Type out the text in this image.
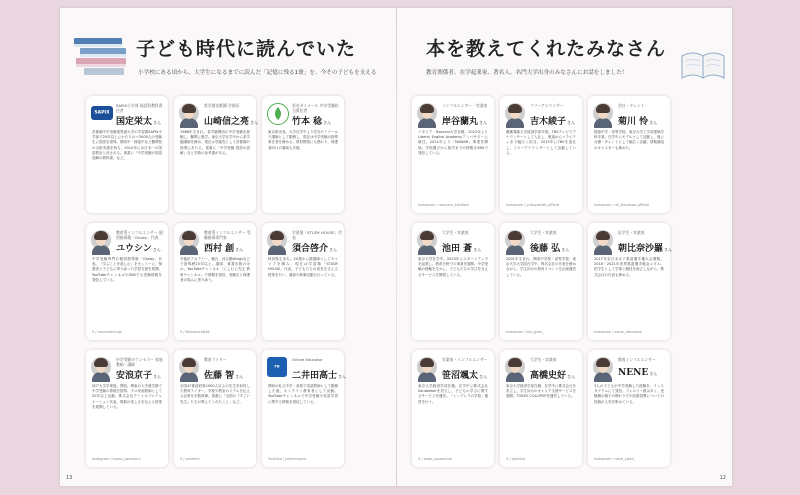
子ども時代に読んでいた
小学校にある頃から、大学生になるまでに読んだ「記憶に残る1冊」を、今その子どもを支える
SAPIX
SAPIX小学部 国語科教科責任者
国定栄太さん
首都圏中学受験業界最大手の学習塾SAPIX小学部で25年以上にわたりのべ3000人の受験生に国語を指導。開成中・桜蔭中など難関校の合格実績を持ち、2010年には日本一の国語教室と評される。著書に「中学受験の国語読解の教科書」など。
希学園首都圏 学園長
山崎信之亮さん
1988年生まれ。希学園関西の中学受験を経験し、難関に進学。東京大学在学中から希学園講師を務め、現在は学園長として首都圏の指導にあたる。著書に「中学受験 国語の読解」など多数の参考書がある。
栄光ゼミナール 中学受験担当責任者
竹本 稔さん
東京都出身。大学在学中より栄光ゼミナールで講師として勤務し、現在は中学受験の指導責任者を務める。教材開発にも携わり、保護者向けの講演も多数。
教育系インフルエンサー 個別指導塾「Growy」代表
ユウシンさん
中学受験専門の個別指導塾「Growy」代表。「学ぶことを楽しむ」をモットーに、保護者と子どもに寄り添った学習支援を展開。YouTubeチャンネルやSNSでも受験情報を発信している。
X / ironnedechujo
教育系インフルエンサー 受験指導専門家
西村 創さん
早稲田アカデミー、駿台、河合塾Wingsなどで指導歴20年以上。講演、著書出版のほか、YouTubeチャンネル「にしむら先生 教育チャンネル」で情報を発信。受験生と保護者の悩みに寄り添う。
X / Nishimura846
学習塾「STUDY HOUSE」代表
須合啓介さん
秋田県生まれ。20歳から塾講師としてキャリアを積み、現在は学習塾「STUDY HOUSE」代表。子どもたちの成長を支える授業を行い、講演や執筆活動も行っている。
中学受験カウンセラー 家庭教師・講師
安浪京子さん
神戸大学卒業後、関西、関東の大手進学塾で中学受験の算数を指導。プロ家庭教師として20年以上活動。株式会社アートオブエデュケーション代表。算数の楽しさを伝える授業を展開している。
Instagram / kyoko_yasunami
教育ライター
佐藤 智さん
全国47都道府県1000人以上の先生を取材した教育ライター。学校や教室のリアルを伝える記事を多数執筆。著書に「全国の『すごい先生』たちが教えてくれたこと」など。
X / prisherri
re
Online Educator
二井田高士さん
関西の私立中学・高校で英語教師として勤務した後、オンライン教育者として活動。YouTubeチャンネルで中学受験や英語学習に関する情報を発信している。
YouTube / jukeninstant
13
本を教えてくれたみなさん
教育関係者、在学起業家、著名人、名門大学出身のみなさんにお話をしました！
インフルエンサー・実業家
岸谷蘭丸さん
イタリア・Bocconi大学在籍。2023年よりLiberty English Academyアンバサダーに就任。2024年より「MAWAR」事業を開始。学校選びから留学までの情報をSNSで発信している。
Instagram / ranmaru_kishitani
フリーアナウンサー
吉木綾子さん
慶應義塾大学経済学部卒業。TBSテレビでアナウンサーとして入社し、報道からバラエティまで幅広く担当。2013年にTBSを退社し、フリーアナウンサーとして活動している。
Instagram / yukoyoshiki_official
会社・タレント
菊川 怜さん
桜蔭中学・高等学校、東京大学工学部建築学科卒業。在学中にモデルとして活動し、後に女優・タレントとして幅広く活躍。情報番組のキャスターも務めた。
Instagram / rei_kikukawa_official
大学生・実業家
池田 蒼さん
東京大学在学中。2023年にスタートアップを起業し、教育分野での事業を展開。中学受験の経験を生かし、子どもたちの学びを支えるサービスを開発している。
大学生・実業家
後藤 弘さん
2001年生まれ。開成中学校・高等学校、東京大学大学院在学中。株式会社の代表を務めながら、学生向けの教育イベントを企画運営している。
Instagram / kou_goto_
医学生・実業家
朝比奈沙羅さん
2017年全日本女子柔道選手権大会優勝。2018・2021年世界柔道選手権金メダル。医学生として学業と競技を両立しながら、株式会社の代表も務める。
Instagram / sarah_dannoiosi
実業家・インフルエンサー
笹沼颯太さん
東京大学経済学部在籍。在学中に株式会社Sandeekerを設立し、子どもの学びに関するサービスを運営。「シンデレラの学校」運営を行う。
X / sosta_sasanuma
大学生・実業家
高橋史好さん
東京大学経済学部在籍。在学中に株式会社を設立し、学生向けのキャリア支援サービスを展開。TOKYO COLLIPOPを運営している。
X / jpfunika
教育インフルエンサー
NENEさん
3人の子どもが中学受験した経験を、インスタグラムにて発信。フォロワー数は多く、受験期の親子の関わり方や読書習慣についての投稿が人気を集めている。
Instagram / nene_juken_
12
